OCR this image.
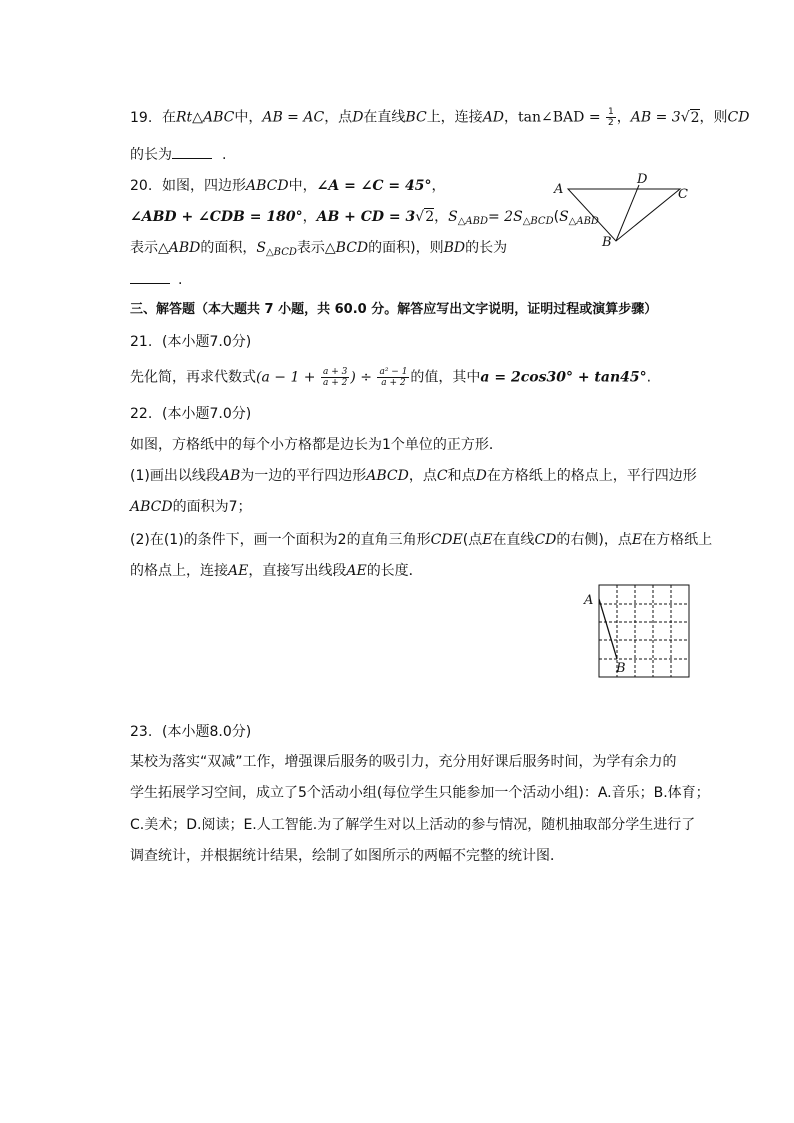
19. 在Rt△ABC中，AB = AC，点D在直线BC上，连接AD，tan∠BAD = $\frac{1}{2}$ ，AB = 3√2，则CD
的长为	.
20. 如图，四边形ABCD中，∠A = ∠C = 45°，
∠ABD + ∠CDB = 180°，AB + CD = 3√2，$S_{\triangle ABD}= 2S_{\triangle BCD}(S_{\triangle ABD}$
表示△ABD的面积，$S_{\triangle BCD}$表示△BCD的面积)，则BD的长为
.
A
D
C
B
三、解答题（本大题共 7 小题，共 60.0 分。解答应写出文字说明，证明过程或演算步骤）
21. (本小题7.0分)
先化简，再求代数式($a - 1 + \frac{a + 3}{a + 2}$ ) ÷ $\frac{\text{a² − 1}}{a + 2}$ 的值，其中a = 2cos30° + tan45°.
22. (本小题7.0分)
如图，方格纸中的每个小方格都是边长为1个单位的正方形．
(1)画出以线段AB为一边的平行四边形ABCD，点C和点D在方格纸上的格点上，平行四边形
ABCD的面积为7；
(2)在(1)的条件下，画一个面积为2的直角三角形CDE(点E在直线CD的右侧)，点E在方格纸上
的格点上，连接AE，直接写出线段AE的长度．
A
B
23. (本小题8.0分)
某校为落实“双减”工作，增强课后服务的吸引力，充分用好课后服务时间，为学有余力的
学生拓展学习空间，成立了5个活动小组(每位学生只能参加一个活动小组)：A.音乐；B.体育；
C.美术；D.阅读；E.人工智能.为了解学生对以上活动的参与情况，随机抽取部分学生进行了
调查统计，并根据统计结果，绘制了如图所示的两幅不完整的统计图．
